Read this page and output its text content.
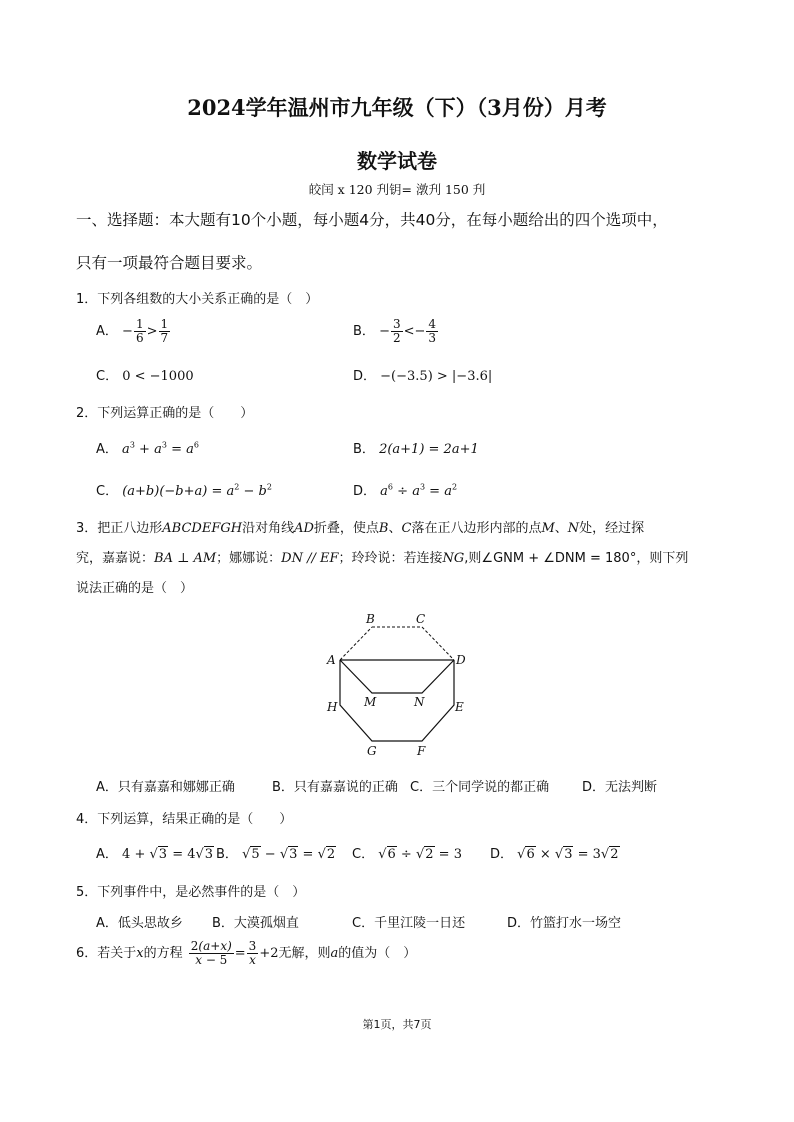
2024学年温州市九年级（下）（3月份）月考
数学试卷
皎闰 x 120 刋钥= 潡刋 150 刋
一、选择题：本大题有10个小题，每小题4分，共40分，在每小题给出的四个选项中，
只有一项最符合题目要求。
1．下列各组数的大小关系正确的是（　）
A． − $\frac{1}{6} > \frac{1}{7}$	B． − $\frac{3}{2} <- \frac{4}{3}$
C． 0 < −1000	D． −(−3.5) > |−3.6|
2．下列运算正确的是（　　）
A． $a^3 + a^3 = a^6$	B． 2(a+1) = 2a+1
C． $(a+b)(-b+a) = a^2 - b^2$	D． $a^6 \div a^3 = a^2$
3．把正八边形ABCDEFGH沿对角线AD折叠，使点B、C落在正八边形内部的点M、N处，经过探
究，嘉嘉说：BA ⊥ AM；娜娜说：DN // EF；玲玲说：若连接NG,则∠GNM + ∠DNM = 180°，则下列
说法正确的是（　）
B	C
A	D
H M	N	E
G	F
A．只有嘉嘉和娜娜正确	B．只有嘉嘉说的正确 C．三个同学说的都正确	D．无法判断
4．下列运算，结果正确的是（　　）
A． 4 + √3 = 4√3 B． √5 − √3 = √2 C． √6 ÷ √2 = 3 D． √6 × √3 = 3√2
5．下列事件中，是必然事件的是（　）
A．低头思故乡 B．大漠孤烟直	C．千里江陵一日还	D．竹篮打水一场空
6．若关于x的方程 $\frac{2(a+x)}{x - 5} = \frac{3}{x} +2$无解，则a的值为（　）
第1页，共7页
